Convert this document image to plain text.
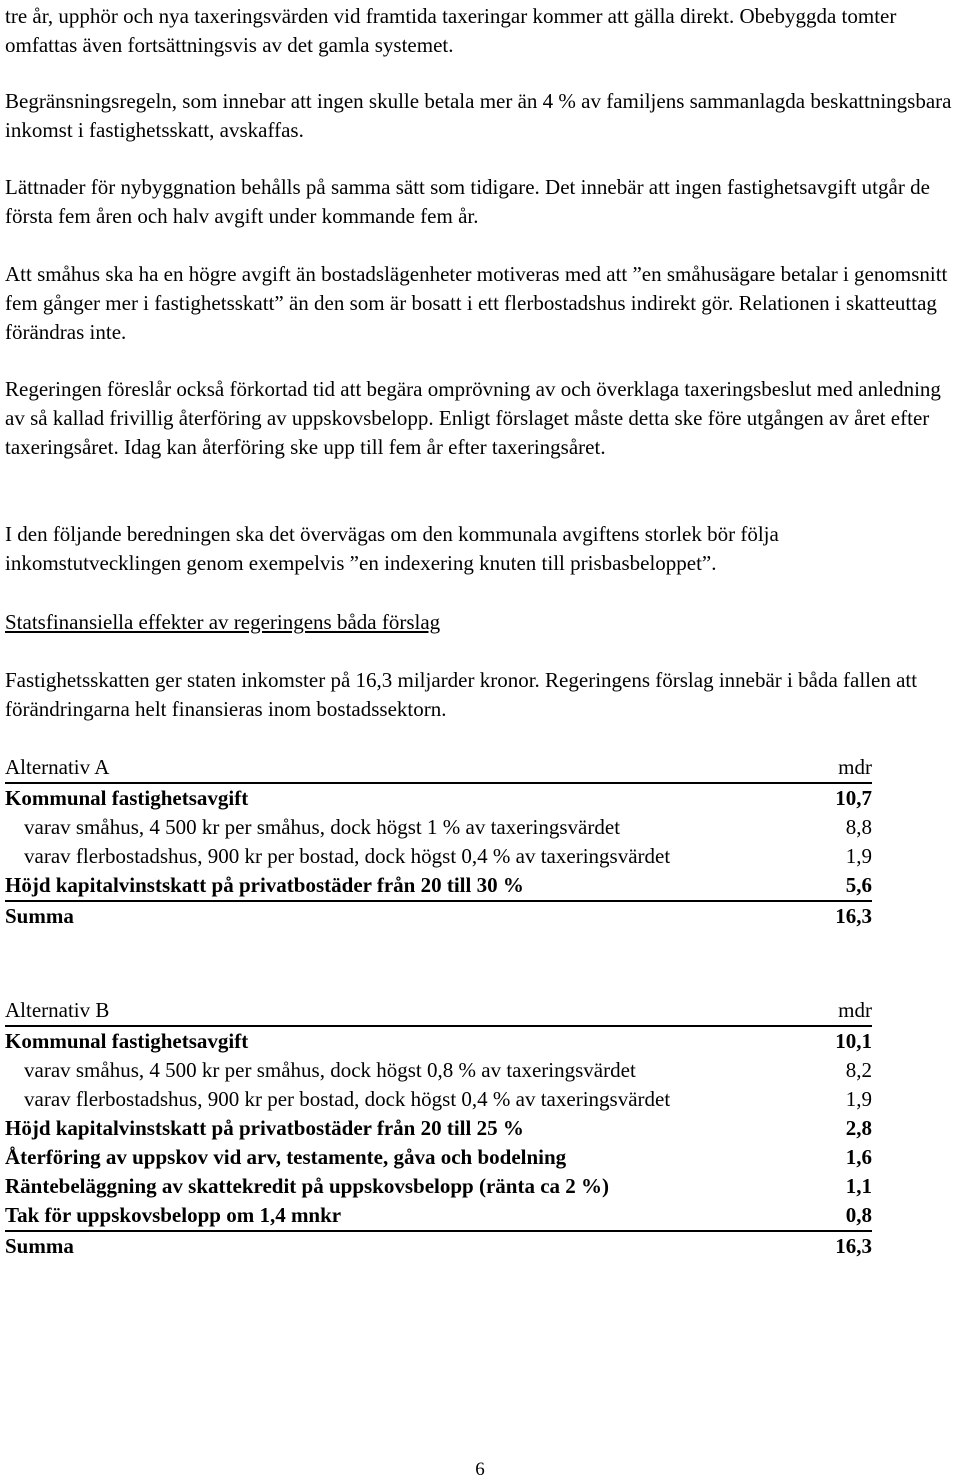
tre år, upphör och nya taxeringsvärden vid framtida taxeringar kommer att gälla direkt. Obebyggda tomter omfattas även fortsättningsvis av det gamla systemet.

Begränsningsregeln, som innebar att ingen skulle betala mer än 4 % av familjens sammanlagda beskattningsbara inkomst i fastighetsskatt, avskaffas.

Lättnader för nybyggnation behålls på samma sätt som tidigare. Det innebär att ingen fastighetsavgift utgår de första fem åren och halv avgift under kommande fem år.

Att småhus ska ha en högre avgift än bostadslägenheter motiveras med att ”en småhusägare betalar i genomsnitt fem gånger mer i fastighetsskatt” än den som är bosatt i ett flerbostadshus indirekt gör. Relationen i skatteuttag förändras inte.

Regeringen föreslår också förkortad tid att begära omprövning av och överklaga taxeringsbeslut med anledning av så kallad frivillig återföring av uppskovsbelopp. Enligt förslaget måste detta ske före utgången av året efter taxeringsåret. Idag kan återföring ske upp till fem år efter taxeringsåret.

I den följande beredningen ska det övervägas om den kommunala avgiftens storlek bör följa inkomstutvecklingen genom exempelvis ”en indexering knuten till prisbasbeloppet”.

Statsfinansiella effekter av regeringens båda förslag

Fastighetsskatten ger staten inkomster på 16,3 miljarder kronor. Regeringens förslag innebär i båda fallen att förändringarna helt finansieras inom bostadssektorn.

Alternativ A	mdr
Kommunal fastighetsavgift	10,7
varav småhus, 4 500 kr per småhus, dock högst 1 % av taxeringsvärdet	8,8
varav flerbostadshus, 900 kr per bostad, dock högst 0,4 % av taxeringsvärdet	1,9
Höjd kapitalvinstskatt på privatbostäder från 20 till 30 %	5,6
Summa	16,3
Alternativ B	mdr
Kommunal fastighetsavgift	10,1
varav småhus, 4 500 kr per småhus, dock högst 0,8 % av taxeringsvärdet	8,2
varav flerbostadshus, 900 kr per bostad, dock högst 0,4 % av taxeringsvärdet	1,9
Höjd kapitalvinstskatt på privatbostäder från 20 till 25 %	2,8
Återföring av uppskov vid arv, testamente, gåva och bodelning	1,6
Räntebeläggning av skattekredit på uppskovsbelopp (ränta ca 2 %)	1,1
Tak för uppskovsbelopp om 1,4 mnkr	0,8
Summa	16,3
6
